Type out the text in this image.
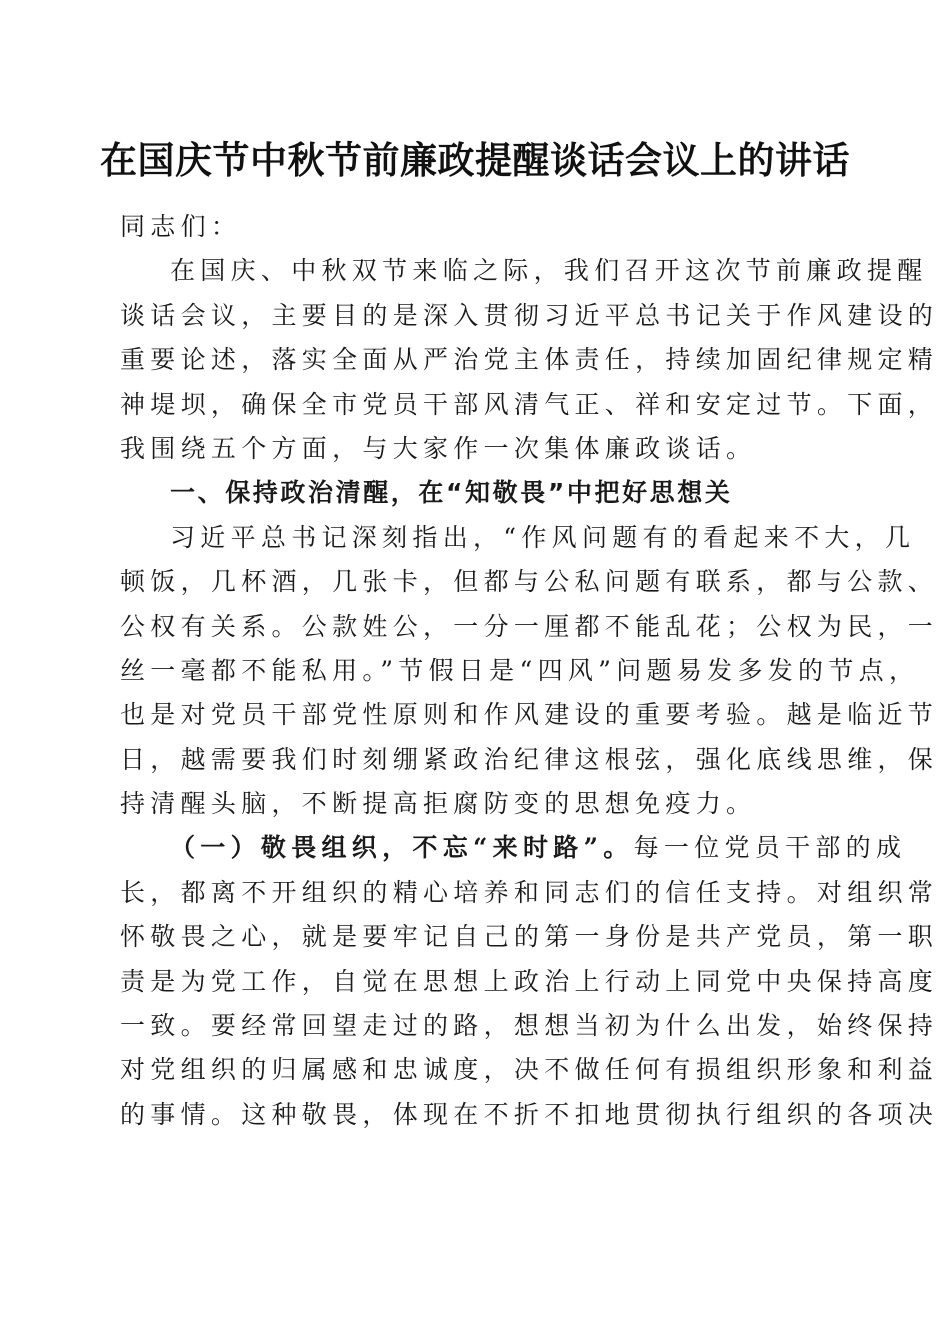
在国庆节中秋节前廉政提醒谈话会议上的讲话
同志们：
在国庆、中秋双节来临之际，我们召开这次节前廉政提醒
谈话会议，主要目的是深入贯彻习近平总书记关于作风建设的
重要论述，落实全面从严治党主体责任，持续加固纪律规定精
神堤坝，确保全市党员干部风清气正、祥和安定过节。下面，
我围绕五个方面，与大家作一次集体廉政谈话。
一、保持政治清醒，在“知敬畏”中把好思想关
习近平总书记深刻指出，“作风问题有的看起来不大，几
顿饭，几杯酒，几张卡，但都与公私问题有联系，都与公款、
公权有关系。公款姓公，一分一厘都不能乱花；公权为民，一
丝一毫都不能私用。”节假日是“四风”问题易发多发的节点，
也是对党员干部党性原则和作风建设的重要考验。越是临近节
日，越需要我们时刻绷紧政治纪律这根弦，强化底线思维，保
持清醒头脑，不断提高拒腐防变的思想免疫力。
（一）敬畏组织，不忘“来时路”。每一位党员干部的成
长，都离不开组织的精心培养和同志们的信任支持。对组织常
怀敬畏之心，就是要牢记自己的第一身份是共产党员，第一职
责是为党工作，自觉在思想上政治上行动上同党中央保持高度
一致。要经常回望走过的路，想想当初为什么出发，始终保持
对党组织的归属感和忠诚度，决不做任何有损组织形象和利益
的事情。这种敬畏，体现在不折不扣地贯彻执行组织的各项决
